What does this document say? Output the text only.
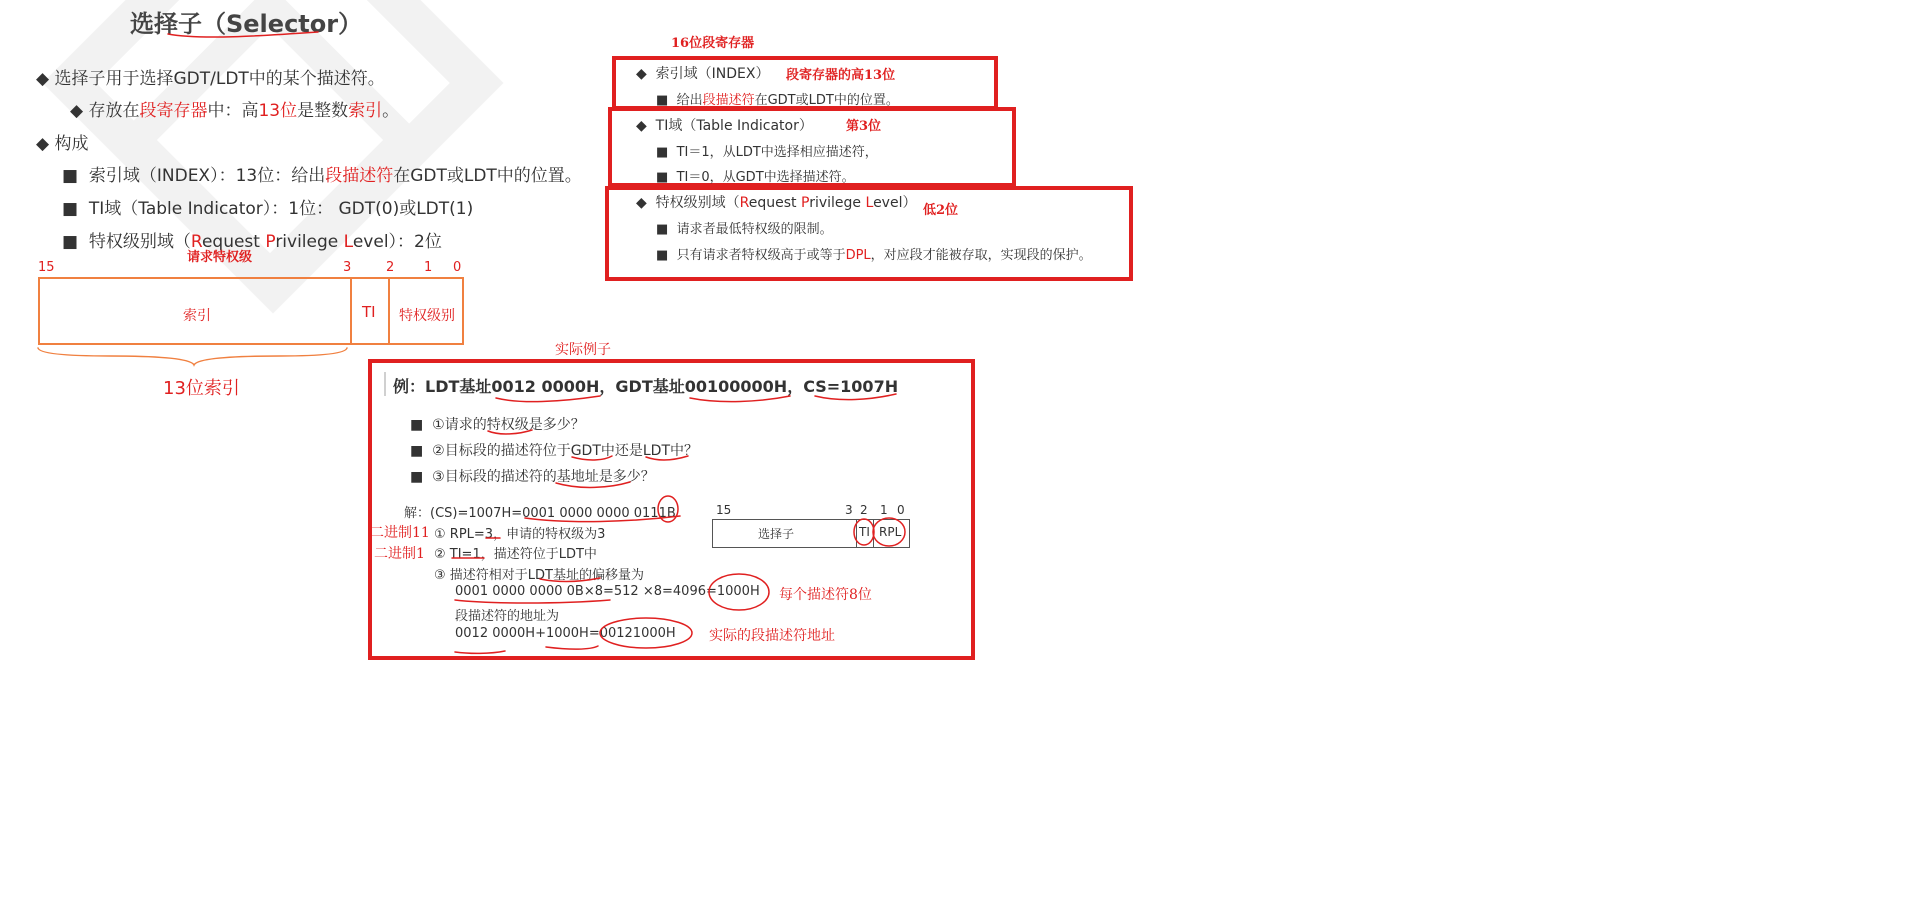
选择子（Selector）
◆ 选择子用于选择GDT/LDT中的某个描述符。
◆ 存放在段寄存器中：高13位是整数索引。
◆ 构成
■  索引域（INDEX）：13位：给出段描述符在GDT或LDT中的位置。
■  TI域（Table Indicator）：1位： GDT(0)或LDT(1)
■  特权级别域（Request Privilege Level）：2位
请求特权级
15	3	2 1 0
索引	TI 特权级别
13位索引
16位段寄存器
◆  索引域（INDEX） 段寄存器的高13位
■  给出段描述符在GDT或LDT中的位置。
◆  TI域（Table Indicator）	第3位
■  TI＝1，从LDT中选择相应描述符，
■  TI＝0，从GDT中选择描述符。
◆  特权级别域（Request Privilege Level） 低2位
■  请求者最低特权级的限制。
■  只有请求者特权级高于或等于DPL，对应段才能被存取，实现段的保护。
实际例子
例：LDT基址0012 0000H，GDT基址00100000H，CS=1007H
■  ①请求的特权级是多少？
■  ②目标段的描述符位于GDT中还是LDT中？
■  ③目标段的描述符的基地址是多少？
解：(CS)=1007H=0001 0000 0000 0111B
① RPL=3，申请的特权级为3
② TI=1，描述符位于LDT中
③ 描述符相对于LDT基址的偏移量为
0001 0000 0000 0B×8=512 ×8=4096=1000H
段描述符的地址为
0012 0000H+1000H=00121000H
二进制11
二进制1
每个描述符8位
实际的段描述符地址
15	3 2 1 0
选择子	TI RPL
